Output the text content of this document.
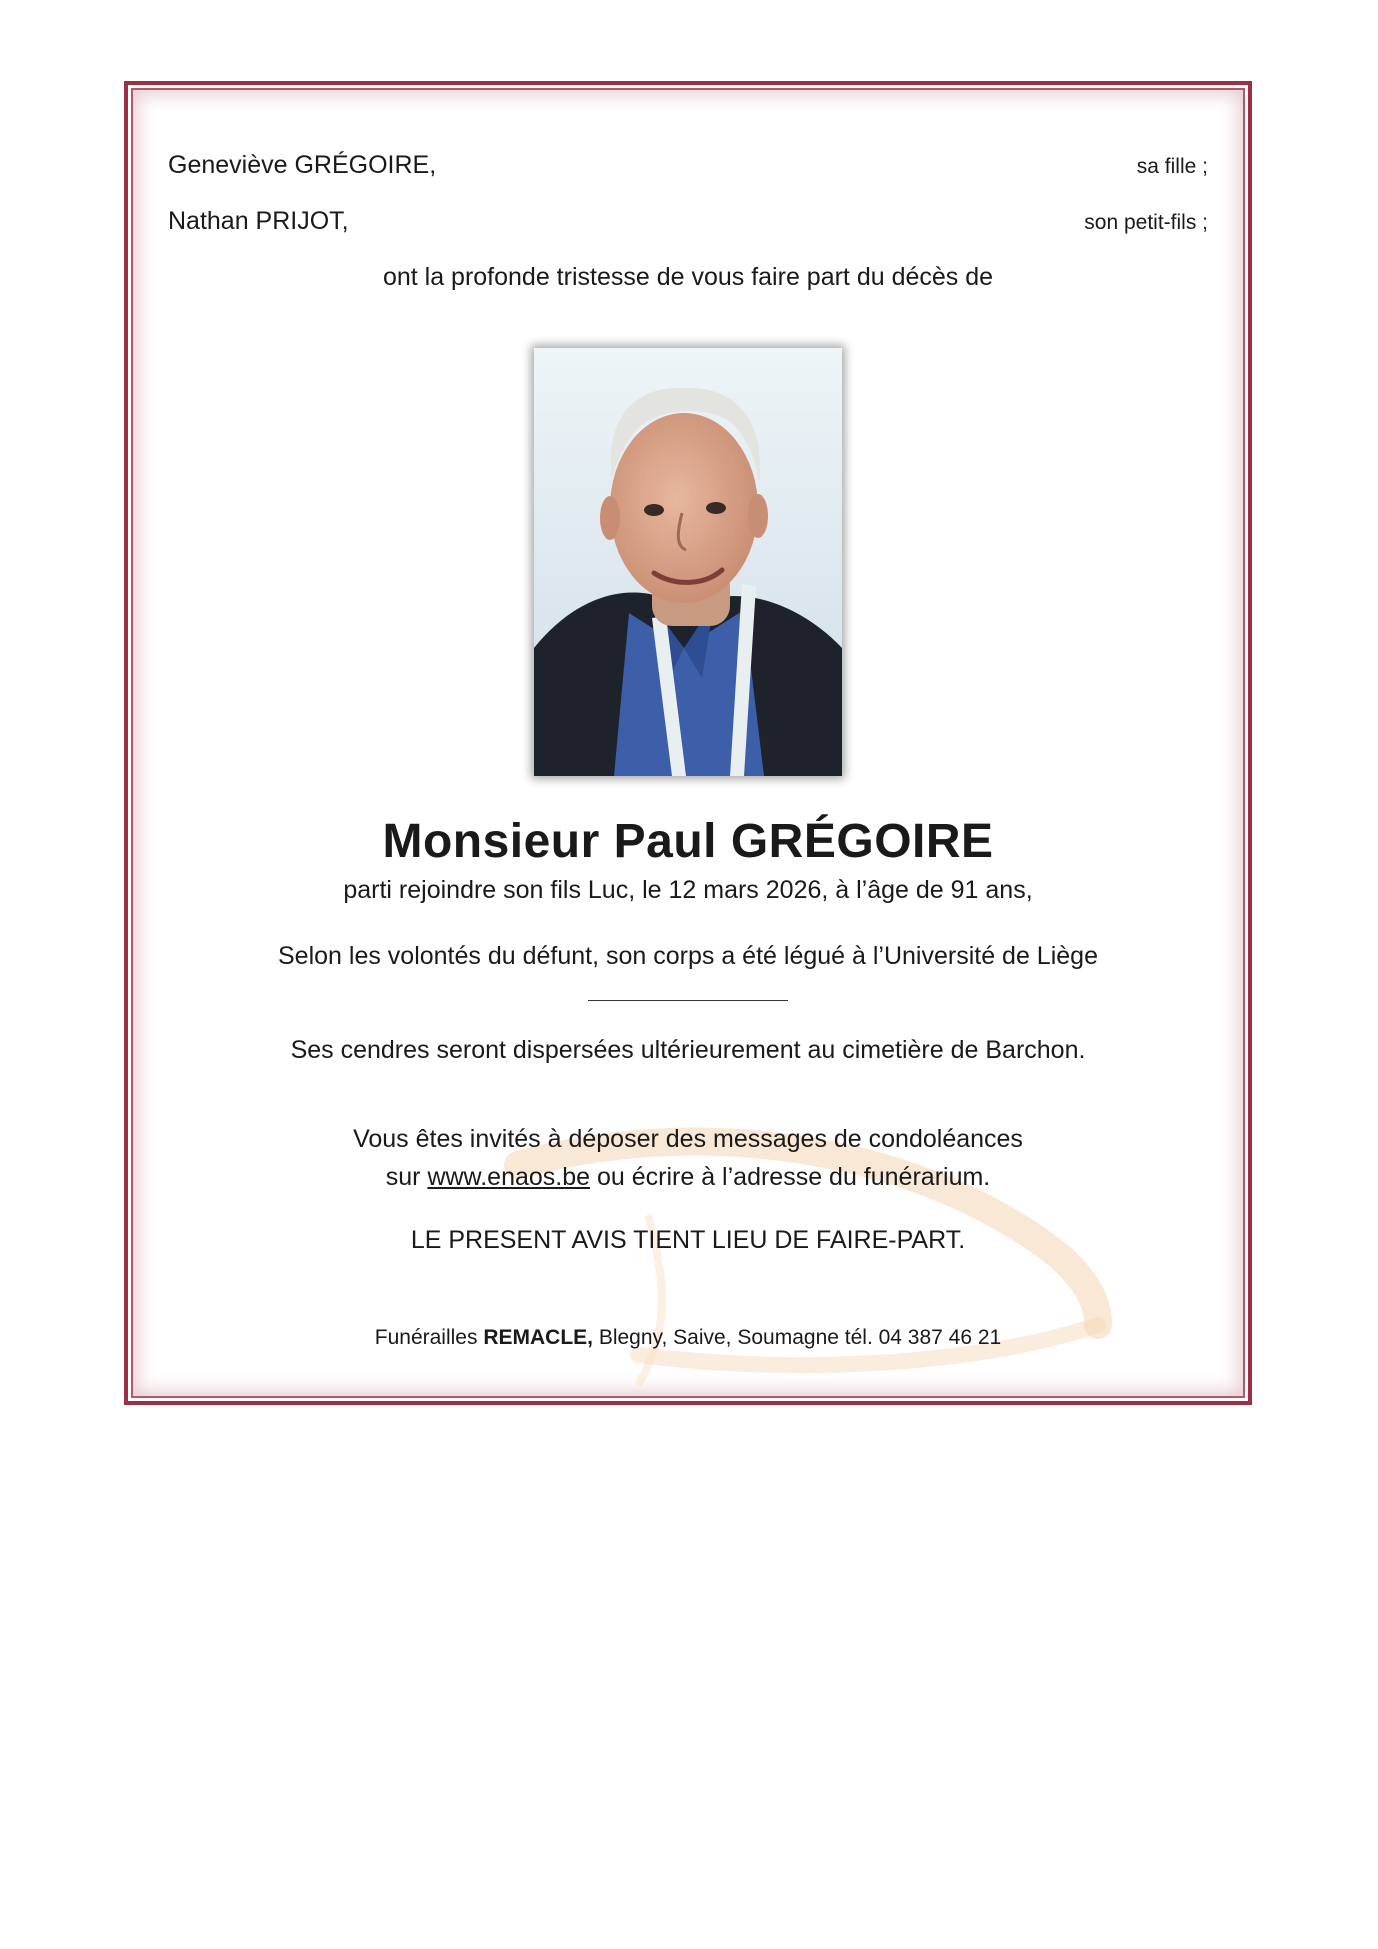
Geneviève GRÉGOIRE,	sa fille ;
Nathan PRIJOT,	son petit-fils ;
ont la profonde tristesse de vous faire part du décès de
Monsieur Paul GRÉGOIRE
parti rejoindre son fils Luc, le 12 mars 2026, à l’âge de 91 ans,
Selon les volontés du défunt, son corps a été légué à l’Université de Liège
Ses cendres seront dispersées ultérieurement au cimetière de Barchon.
Vous êtes invités à déposer des messages de condoléances
sur www.enaos.be ou écrire à l’adresse du funérarium.
LE PRESENT AVIS TIENT LIEU DE FAIRE-PART.
Funérailles REMACLE, Blegny, Saive, Soumagne tél. 04 387 46 21
